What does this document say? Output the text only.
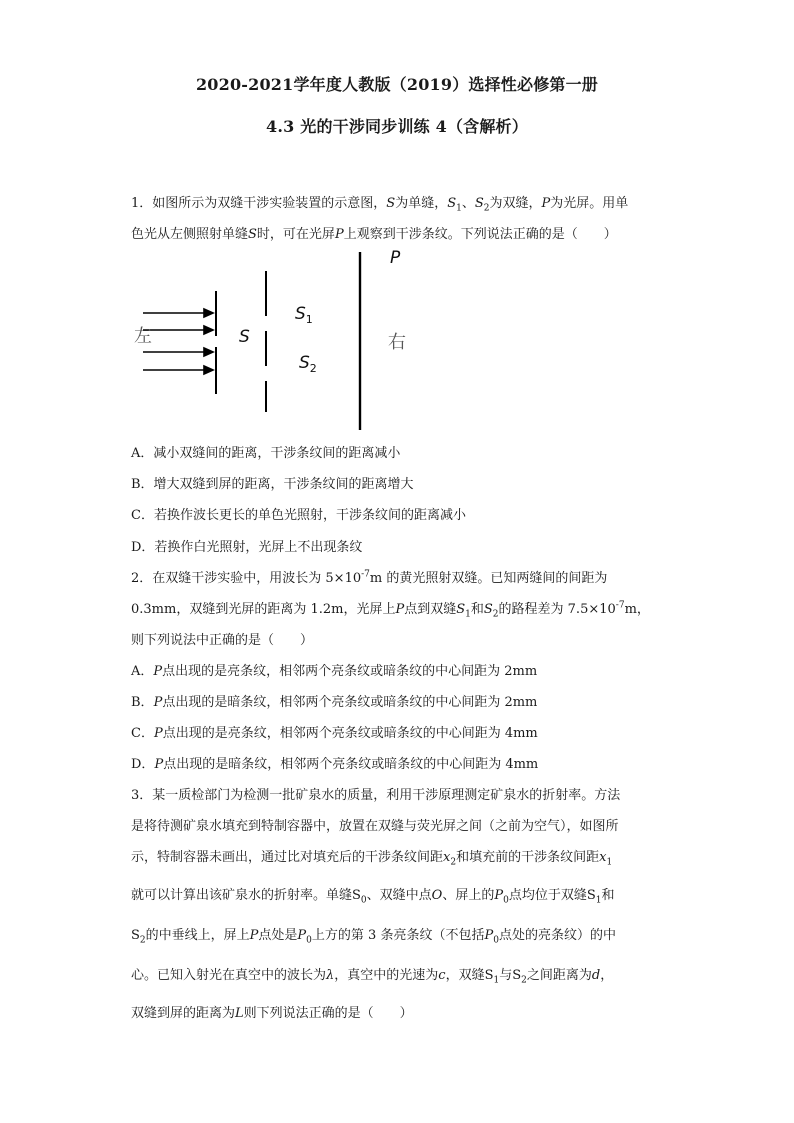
2020-2021学年度人教版（2019）选择性必修第一册
4.3 光的干涉同步训练 4（含解析）
1．如图所示为双缝干涉实验装置的示意图，S为单缝，$S_1$、$S_2$为双缝，P为光屏。用单
色光从左侧照射单缝S时，可在光屏P上观察到干涉条纹。下列说法正确的是（　　）
左	右
S
$S_1$
$S_2$
P
A．减小双缝间的距离，干涉条纹间的距离减小
B．增大双缝到屏的距离，干涉条纹间的距离增大
C．若换作波长更长的单色光照射，干涉条纹间的距离减小
D．若换作白光照射，光屏上不出现条纹
2．在双缝干涉实验中，用波长为 $5\times 10^{-7}m$ 的黄光照射双缝。已知两缝间的间距为
0.3mm，双缝到光屏的距离为 1.2m，光屏上P点到双缝$S_1$和$S_2$的路程差为 $7.5\times 10^{-7}m$，
则下列说法中正确的是（　　）
A．P点出现的是亮条纹，相邻两个亮条纹或暗条纹的中心间距为 2mm
B．P点出现的是暗条纹，相邻两个亮条纹或暗条纹的中心间距为 2mm
C．P点出现的是亮条纹，相邻两个亮条纹或暗条纹的中心间距为 4mm
D．P点出现的是暗条纹，相邻两个亮条纹或暗条纹的中心间距为 4mm
3．某一质检部门为检测一批矿泉水的质量，利用干涉原理测定矿泉水的折射率。方法
是将待测矿泉水填充到特制容器中，放置在双缝与荧光屏之间（之前为空气），如图所
示，特制容器未画出，通过比对填充后的干涉条纹间距$x_2$和填充前的干涉条纹间距$x_1$
就可以计算出该矿泉水的折射率。单缝$S_0$、双缝中点O、屏上的$P_0$点均位于双缝$S_1$和
$S_2$的中垂线上，屏上P点处是$P_0$上方的第 3 条亮条纹（不包括$P_0$点处的亮条纹）的中
心。已知入射光在真空中的波长为λ，真空中的光速为c，双缝$S_1$与$S_2$之间距离为d，
双缝到屏的距离为L则下列说法正确的是（　　）
